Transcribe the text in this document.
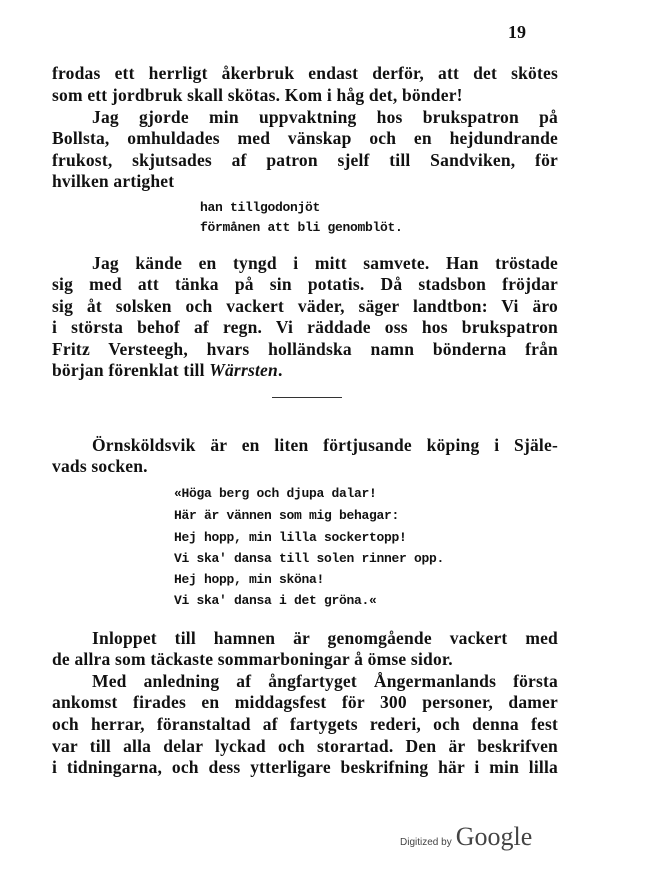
19
frodas ett herrligt åkerbruk endast derför, att det skötes
som ett jordbruk skall skötas. Kom i håg det, bönder!
Jag gjorde min uppvaktning hos brukspatron på
Bollsta, omhuldades med vänskap och en hejdundrande
frukost, skjutsades af patron sjelf till Sandviken, för
hvilken artighet
han tillgodonjöt
förmånen att bli genomblöt.
Jag kände en tyngd i mitt samvete. Han tröstade
sig med att tänka på sin potatis. Då stadsbon fröjdar
sig åt solsken och vackert väder, säger landtbon: Vi äro
i största behof af regn. Vi räddade oss hos brukspatron
Fritz Versteegh, hvars holländska namn bönderna från
början förenklat till Wärrsten.
Örnsköldsvik är en liten förtjusande köping i Själe-
vads socken.
«Höga berg och djupa dalar!
Här är vännen som mig behagar:
Hej hopp, min lilla sockertopp!
Vi ska' dansa till solen rinner opp.
Hej hopp, min sköna!
Vi ska' dansa i det gröna.«
Inloppet till hamnen är genomgående vackert med
de allra som täckaste sommarboningar å ömse sidor.
Med anledning af ångfartyget Ångermanlands första
ankomst firades en middagsfest för 300 personer, damer
och herrar, föranstaltad af fartygets rederi, och denna fest
var till alla delar lyckad och storartad. Den är beskrifven
i tidningarna, och dess ytterligare beskrifning här i min lilla
Digitized by Google
